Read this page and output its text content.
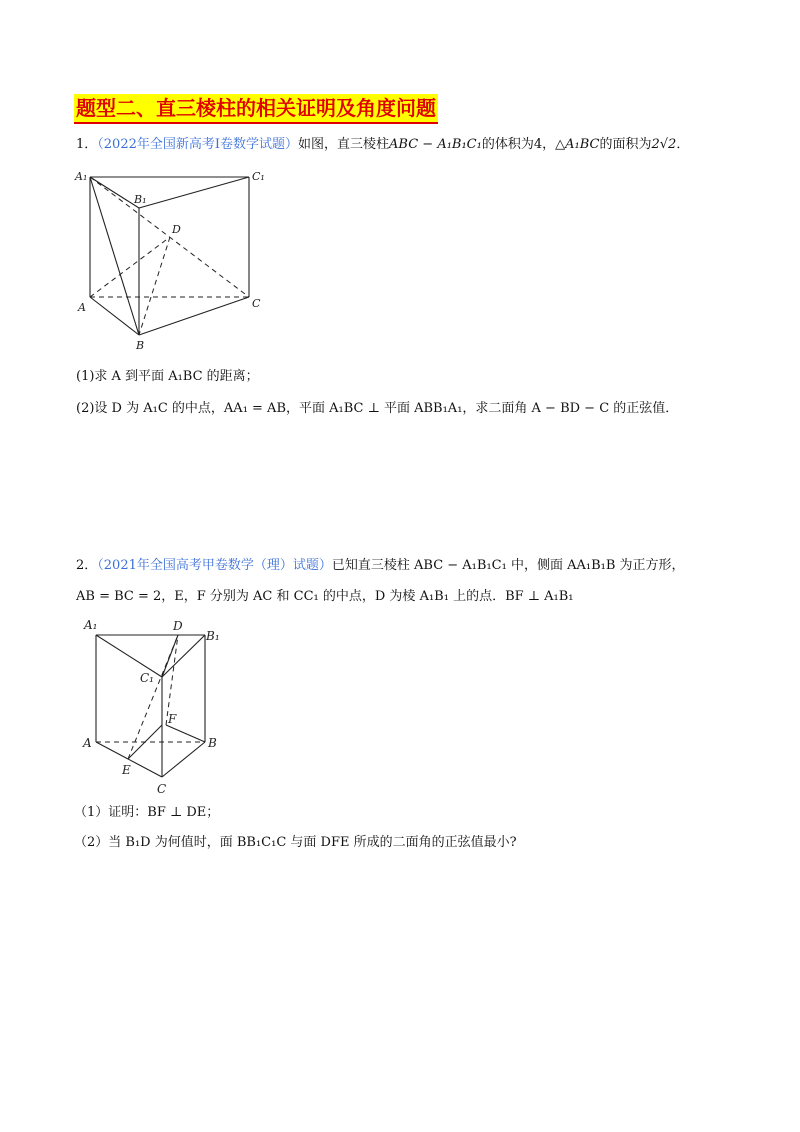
题型二、直三棱柱的相关证明及角度问题
1．（2022年全国新高考Ⅰ卷数学试题）如图，直三棱柱ABC − A₁B₁C₁的体积为4，△A₁BC的面积为2√2．
A₁
B₁
C₁
D
A
B
C
(1)求 A 到平面 A₁BC 的距离；
(2)设 D 为 A₁C 的中点，AA₁ = AB，平面 A₁BC ⊥ 平面 ABB₁A₁，求二面角 A − BD − C 的正弦值．
2．（2021年全国高考甲卷数学（理）试题）已知直三棱柱 ABC − A₁B₁C₁ 中，侧面 AA₁B₁B 为正方形，
AB = BC = 2，E，F 分别为 AC 和 CC₁ 的中点，D 为棱 A₁B₁ 上的点．BF ⊥ A₁B₁
A₁	D
B₁
C₁
F
A	B
E
C
（1）证明：BF ⊥ DE；
（2）当 B₁D 为何值时，面 BB₁C₁C 与面 DFE 所成的二面角的正弦值最小?
